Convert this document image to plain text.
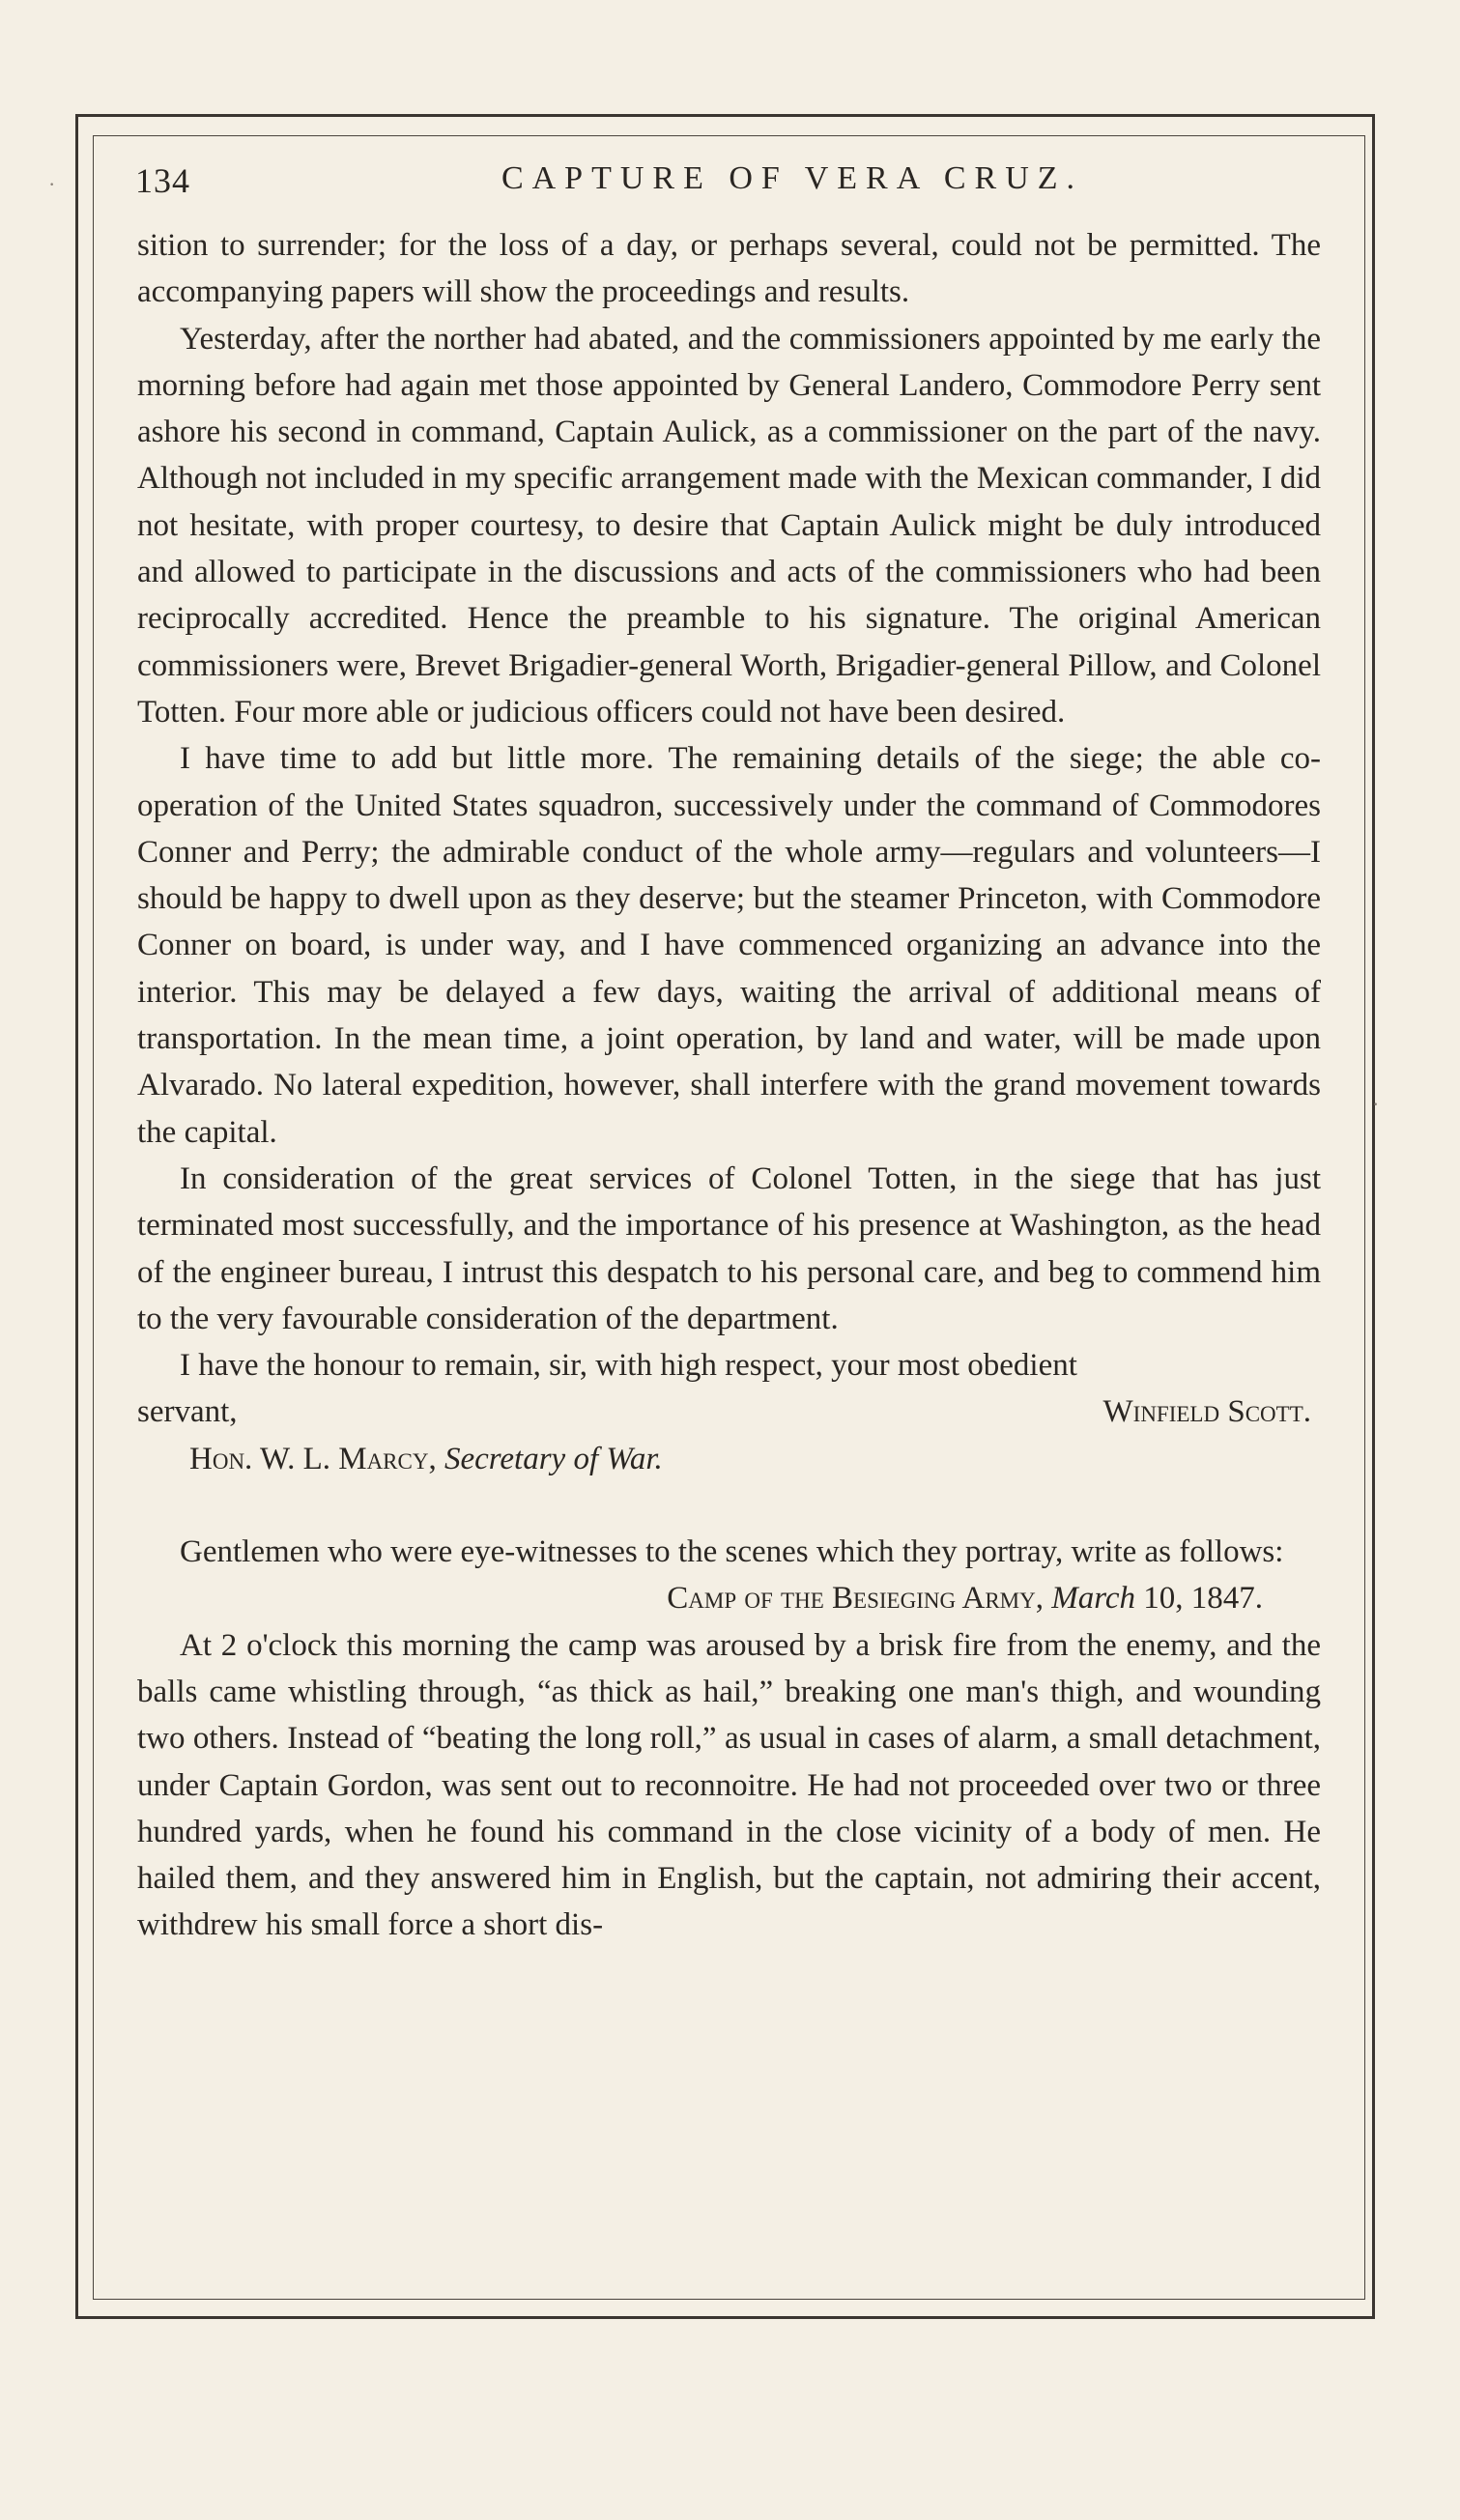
134	CAPTURE OF VERA CRUZ.

sition to surrender; for the loss of a day, or perhaps several, could not be permitted. The accompanying papers will show the proceedings and results.

Yesterday, after the norther had abated, and the commissioners appointed by me early the morning before had again met those appointed by General Landero, Commodore Perry sent ashore his second in command, Captain Aulick, as a commissioner on the part of the navy. Although not included in my specific arrangement made with the Mexican commander, I did not hesitate, with proper courtesy, to desire that Captain Aulick might be duly introduced and allowed to participate in the discussions and acts of the commissioners who had been reciprocally accredited. Hence the preamble to his signature. The original American commissioners were, Brevet Brigadier-general Worth, Brigadier-general Pillow, and Colonel Totten. Four more able or judicious officers could not have been desired.

I have time to add but little more. The remaining details of the siege; the able co-operation of the United States squadron, successively under the command of Commodores Conner and Perry; the admirable conduct of the whole army—regulars and volunteers—I should be happy to dwell upon as they deserve; but the steamer Princeton, with Commodore Conner on board, is under way, and I have commenced organizing an advance into the interior. This may be delayed a few days, waiting the arrival of additional means of transportation. In the mean time, a joint operation, by land and water, will be made upon Alvarado. No lateral expedition, however, shall interfere with the grand movement towards the capital.

In consideration of the great services of Colonel Totten, in the siege that has just terminated most successfully, and the importance of his presence at Washington, as the head of the engineer bureau, I intrust this despatch to his personal care, and beg to commend him to the very favourable consideration of the department.

I have the honour to remain, sir, with high respect, your most obedient

servant,	Winfield Scott.

Hon. W. L. Marcy, Secretary of War.

Gentlemen who were eye-witnesses to the scenes which they portray, write as follows:

Camp of the Besieging Army, March 10, 1847.

At 2 o'clock this morning the camp was aroused by a brisk fire from the enemy, and the balls came whistling through, “as thick as hail,” breaking one man's thigh, and wounding two others. Instead of “beating the long roll,” as usual in cases of alarm, a small detachment, under Captain Gordon, was sent out to reconnoitre. He had not proceeded over two or three hundred yards, when he found his command in the close vicinity of a body of men. He hailed them, and they answered him in English, but the captain, not admiring their accent, withdrew his small force a short dis-

·
·
